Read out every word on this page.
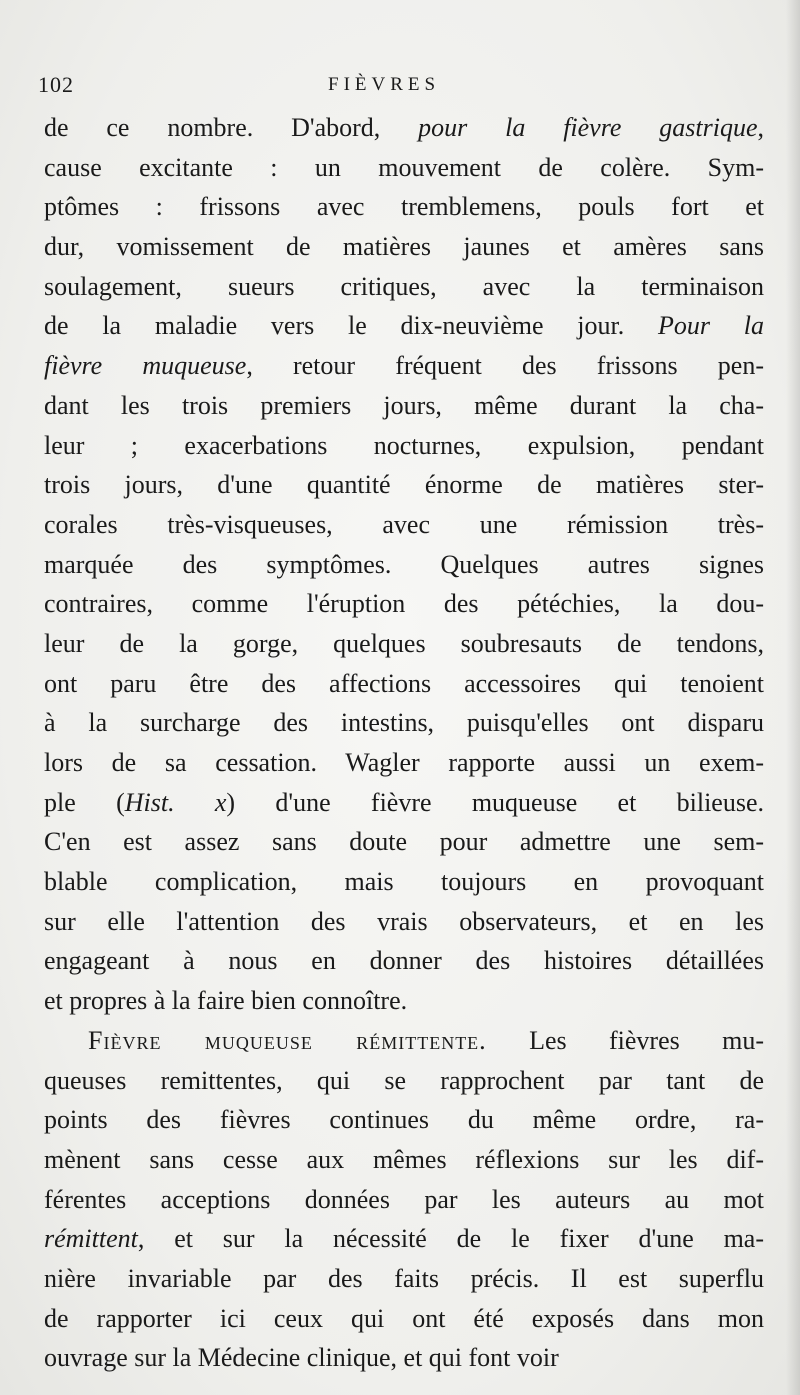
102	FIÈVRES
de ce nombre. D'abord, pour la fièvre gastrique,
cause excitante : un mouvement de colère. Sym-
ptômes : frissons avec tremblemens, pouls fort et
dur, vomissement de matières jaunes et amères sans
soulagement, sueurs critiques, avec la terminaison
de la maladie vers le dix-neuvième jour. Pour la
fièvre muqueuse, retour fréquent des frissons pen-
dant les trois premiers jours, même durant la cha-
leur ; exacerbations nocturnes, expulsion, pendant
trois jours, d'une quantité énorme de matières ster-
corales très-visqueuses, avec une rémission très-
marquée des symptômes. Quelques autres signes
contraires, comme l'éruption des pétéchies, la dou-
leur de la gorge, quelques soubresauts de tendons,
ont paru être des affections accessoires qui tenoient
à la surcharge des intestins, puisqu'elles ont disparu
lors de sa cessation. Wagler rapporte aussi un exem-
ple (Hist. x) d'une fièvre muqueuse et bilieuse.
C'en est assez sans doute pour admettre une sem-
blable complication, mais toujours en provoquant
sur elle l'attention des vrais observateurs, et en les
engageant à nous en donner des histoires détaillées
et propres à la faire bien connoître.
Fièvre muqueuse rémittente. Les fièvres mu-
queuses remittentes, qui se rapprochent par tant de
points des fièvres continues du même ordre, ra-
mènent sans cesse aux mêmes réflexions sur les dif-
férentes acceptions données par les auteurs au mot
rémittent, et sur la nécessité de le fixer d'une ma-
nière invariable par des faits précis. Il est superflu
de rapporter ici ceux qui ont été exposés dans mon
ouvrage sur la Médecine clinique, et qui font voir
